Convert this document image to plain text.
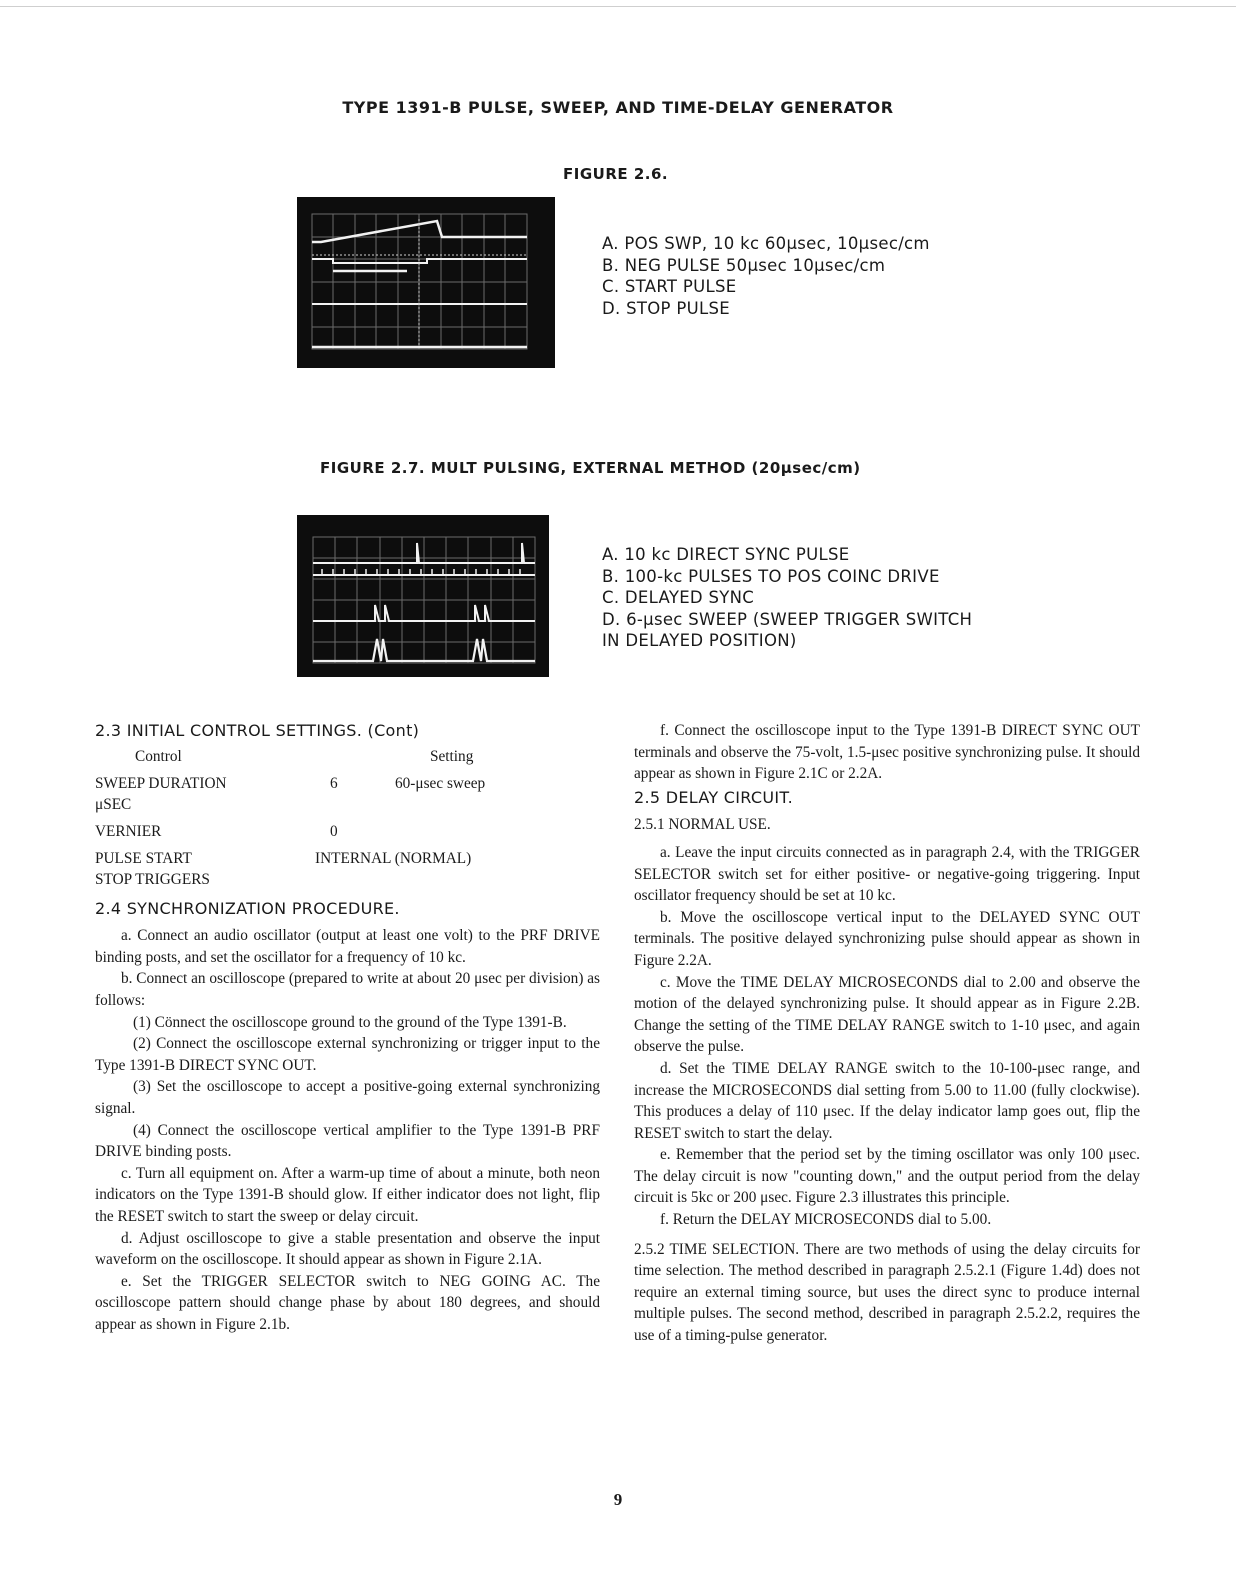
TYPE 1391-B PULSE, SWEEP, AND TIME-DELAY GENERATOR
FIGURE 2.6.
A. POS SWP, 10 kc 60μsec, 10μsec/cm
B. NEG PULSE 50μsec 10μsec/cm
C. START PULSE
D. STOP PULSE
FIGURE 2.7. MULT PULSING, EXTERNAL METHOD (20μsec/cm)
A. 10 kc DIRECT SYNC PULSE
B. 100-kc PULSES TO POS COINC DRIVE
C. DELAYED SYNC
D. 6-μsec SWEEP (SWEEP TRIGGER SWITCH
IN DELAYED POSITION)

2.3 INITIAL CONTROL SETTINGS. (Cont)

	Control		Setting
SWEEP DURATION
μSEC		6	60-μsec sweep
VERNIER		0	
PULSE START
STOP TRIGGERS		INTERNAL (NORMAL)	

2.4 SYNCHRONIZATION PROCEDURE.

a. Connect an audio oscillator (output at least one volt) to the PRF DRIVE binding posts, and set the oscillator for a frequency of 10 kc.

b. Connect an oscilloscope (prepared to write at about 20 μsec per division) as follows:

(1) Cönnect the oscilloscope ground to the ground of the Type 1391-B.

(2) Connect the oscilloscope external synchronizing or trigger input to the Type 1391-B DIRECT SYNC OUT.

(3) Set the oscilloscope to accept a positive-going external synchronizing signal.

(4) Connect the oscilloscope vertical amplifier to the Type 1391-B PRF DRIVE binding posts.

c. Turn all equipment on. After a warm-up time of about a minute, both neon indicators on the Type 1391-B should glow. If either indicator does not light, flip the RESET switch to start the sweep or delay circuit.

d. Adjust oscilloscope to give a stable presentation and observe the input waveform on the oscilloscope. It should appear as shown in Figure 2.1A.

e. Set the TRIGGER SELECTOR switch to NEG GOING AC. The oscilloscope pattern should change phase by about 180 degrees, and should appear as shown in Figure 2.1b.

f. Connect the oscilloscope input to the Type 1391-B DIRECT SYNC OUT terminals and observe the 75-volt, 1.5-μsec positive synchronizing pulse. It should appear as shown in Figure 2.1C or 2.2A.

2.5 DELAY CIRCUIT.

2.5.1 NORMAL USE.

a. Leave the input circuits connected as in paragraph 2.4, with the TRIGGER SELECTOR switch set for either positive- or negative-going triggering. Input oscillator frequency should be set at 10 kc.

b. Move the oscilloscope vertical input to the DELAYED SYNC OUT terminals. The positive delayed synchronizing pulse should appear as shown in Figure 2.2A.

c. Move the TIME DELAY MICROSECONDS dial to 2.00 and observe the motion of the delayed synchronizing pulse. It should appear as in Figure 2.2B. Change the setting of the TIME DELAY RANGE switch to 1-10 μsec, and again observe the pulse.

d. Set the TIME DELAY RANGE switch to the 10-100-μsec range, and increase the MICROSECONDS dial setting from 5.00 to 11.00 (fully clockwise). This produces a delay of 110 μsec. If the delay indicator lamp goes out, flip the RESET switch to start the delay.

e. Remember that the period set by the timing oscillator was only 100 μsec. The delay circuit is now "counting down," and the output period from the delay circuit is 5kc or 200 μsec. Figure 2.3 illustrates this principle.

f. Return the DELAY MICROSECONDS dial to 5.00.

2.5.2 TIME SELECTION. There are two methods of using the delay circuits for time selection. The method described in paragraph 2.5.2.1 (Figure 1.4d) does not require an external timing source, but uses the direct sync to produce internal multiple pulses. The second method, described in paragraph 2.5.2.2, requires the use of a timing-pulse generator.

9
